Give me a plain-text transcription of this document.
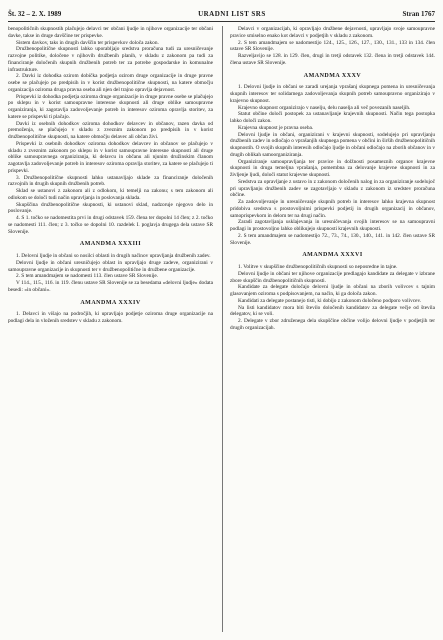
Št. 32 – 2. X. 1989	URADNI LIST SRS	Stran 1767

benopolitičnih skupnostih plačujejo delavci ter občani ljudje in njihove organizacije ter občani davke, takse in druge davščine ter prispevke.

Sistem davkov, taks in drugih davščin ter prispevkov določa zakon.

Družbenopolitične skupnosti lahko uporabljajo sredstva proračuna tudi za uresničevanje razvojne politike, določene v njihovih družbenih planih, v skladu z zakonom pa tudi za financiranje določenih skupnih družbenih potreb ter za potrebe gospodarske in komunalne infrastrukture.

2. Davki iz dohodka ozirom dobička podjetja ozirom druge organizacije in druge pravne osebe se plačujejo po predpisih in v korist družbenopolitične skupnosti, na katere območju organizacija oziroma druga pravna oseba ali njen del trajno opravlja dejavnost.

Prispevki iz dohodka podjetja oziroma druge organizacije in druge pravne osebe se plačujejo po sklepu in v korist samoupravne interesne skupnosti ali druge oblike samoupravne organiziranja, ki zagotavlja zadovoljevanje potreb in interesov oziroma opravlja storitev, za katere se prispevki ti plačajo.

Davki iz osebnih dohodkov oziroma dohodkov delavcev in občanov, razen davka od premoženja, se plačujejo v skladu z zveznim zakonom po predpisih in v korist družbenopolitične skupnosti, na katere območju delavec ali občan živi.

Prispevki iz osebnih dohodkov oziroma dohodkov delavcev in občanov se plačujejo v skladu z zveznim zakonom po sklepu in v korist samoupravne interesne skupnosti ali druge oblike samoupravnega organiziranja, ki delavcu in občanu ali njunim družinskim članom zagotavlja zadovoljevanje potreb in interesov oziroma opravlja storitev, za katere se plačujejo ti prispevki.

3. Družbenopolitične skupnosti lahko ustanavljajo sklade za financiranje določenih razvojnih in drugih skupnih družbenih potreb.

Sklad se ustanovi z zakonom ali z odlokom, ki temelji na zakonu; s tem zakonom ali odlokom se določi tudi način upravljanja in poslovanja sklada.

Skupščina družbenopolitične skupnosti, ki ustanovi sklad, nadzoruje njegovo delo in poslovanje.

4. S 1. točko se nadomestita prvi in drugi odstavek 159. člena ter dopolni 14 člen; z 2. točko se nadomesti 111. člen; z 3. točko se dopolni 10. razdelek I. poglavja drugega dela ustave SR Slovenije.

AMANDMA XXXIII

1. Delovni ljudje in občani so nosilci oblasti in drugih načinov upravljanja družbenih zadev.

Delovni ljudje in občani uresničujejo oblast in upravljajo druge zadeve, organizirani v samoupravne organizacije in skupnosti ter v družbenopolitične in družbene organizacije.

2. S tem amandmajem se nadomesti 113. člen ustave SR Slovenije.

V 114., 115., 116. in 119. členu ustave SR Slovenije se za besedama »delovni ljudje« dodata besedi: »in občani«.

AMANDMA XXXIV

1. Delavci in višajo na področjih, ki upravljajo podjetje oziroma druge organizacije na podlagi dela in vloženih sredstev v skladu z zakonom.

Delavci v organizacijah, ki opravljajo družbene dejavnosti, upravljajo svoje samoupravne pravice smiselno enako kot delavci v podjetjih v skladu z zakonom.

2. S tem amandmajem se nadomestijo 124., 125., 126., 127., 130., 131., 133 in 134. člen ustave SR Slovenije.

Razveljavijo se 128. in 129. člen, drugi in tretji odstavek 132. člena in tretji odstavek 144. člena ustave SR Slovenije.

AMANDMA XXXV

1. Delovni ljudje in občani se zaradi urejanja vprašanj skupnega pomena in uresničevanja skupnih interesov ter solidarnega zadovoljevanja skupnih potreb samoupravno organizirajo v krajevno skupnost.

Krajevno skupnost organizirajo v naselju, delu naselja ali več povezanih naseljih.

Statut občine določi postopek za ustanavljanje krajevnih skupnosti. Način tega postopka lahko določi zakon.

Krajevna skupnost je pravna oseba.

Delovni ljudje in občani, organizirani v krajevni skupnosti, sodelujejo pri upravljanju družbenih zadev in odločajo o vprašanjih skupnega pomena v občini in širših družbenopolitičnih skupnostih. O svojih skupnih interesih odločajo ljudje in občani odločajo na zborih občanov in v drugih oblikah samoorganiziranja.

Organiziranje samoupravljanja ter pravice in dolžnosti posameznih organov krajevne skupnosti in druga temeljna vprašanja, pomembna za delovanje krajevne skupnosti in za življenje ljudi, določi statut krajevne skupnosti.

Sredstva za opravljanje z ustavo in z zakonom določenih nalog in za organiziranje sodelujoč pri upravljanju družbenih zadev se zagotavljajo v skladu z zakonom iz sredstev proračuna občine.

Za zadovoljevanje in uresničevanje skupnih potreb in interesov lahko krajevna skupnost pridobiva sredstva s prostovoljnimi prispevki podjetij in drugih organizacij in občanov, samoprispevkom in delom ter na drugi način.

Zaradi zagotavljanja usklajevanja in uresničevanja svojih interesov se na samoupravni podlagi in prostovoljno lahko oblikujejo skupnosti krajevnih skupnosti.

2. S tem amandmajem se nadomestijo 72., 73., 74., 130., 140., 141. in 142. člen ustave SR Slovenije.

AMANDMA XXXVI

1. Volitve v skupščine družbenopolitičnih skupnosti so neposredne in tajne.

Delovni ljudje in občani ter njihove organizacije predlagajo kandidate za delegate v izbrane zbore skupščin družbenopolitičnih skupnosti.

Kandidate za delegate določajo delovni ljudje in občani na zborih volivcev s tajnim glasovanjem oziroma s podpisovanjem, na način, ki ga določa zakon.

Kandidati za delegate postanejo tisti, ki dobijo z zakonom določeno podporo volivcev.

Na listi kandidatov mora biti število določenih kandidatov za delegate večje od števila delegatov, ki se voli.

2. Delegate v zbor združenega dela skupščine občine volijo delovni ljudje v podjetjih ter drugih organizacijah.
